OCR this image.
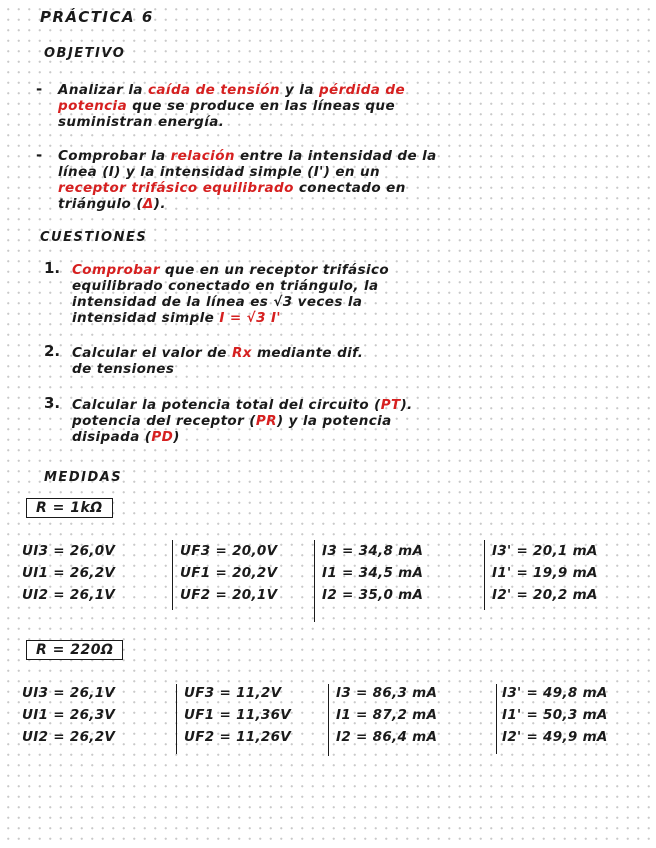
PRÁCTICA 6
OBJETIVO
- Analizar la caída de tensión y la pérdida de
potencia que se produce en las líneas que
suministran energía.
- Comprobar la relación entre la intensidad de la
línea (I) y la intensidad simple (I') en un
receptor trifásico equilibrado conectado en
triángulo (Δ).
CUESTIONES
1. Comprobar que en un receptor trifásico
equilibrado conectado en triángulo, la
intensidad de la línea es √3 veces la
intensidad simple I = √3 I'
2. Calcular el valor de Rx mediante dif.
de tensiones
3. Calcular la potencia total del circuito (PT).
potencia del receptor (PR) y la potencia
disipada (PD)
MEDIDAS
R = 1kΩ
UI3 = 26,0V
UI1 = 26,2V
UI2 = 26,1V
UF3 = 20,0V
UF1 = 20,2V
UF2 = 20,1V
I3 = 34,8 mA
I1 = 34,5 mA
I2 = 35,0 mA
I3' = 20,1 mA
I1' = 19,9 mA
I2' = 20,2 mA
R = 220Ω
UI3 = 26,1V
UI1 = 26,3V
UI2 = 26,2V
UF3 = 11,2V
UF1 = 11,36V
UF2 = 11,26V
I3 = 86,3 mA
I1 = 87,2 mA
I2 = 86,4 mA
I3' = 49,8 mA
I1' = 50,3 mA
I2' = 49,9 mA
